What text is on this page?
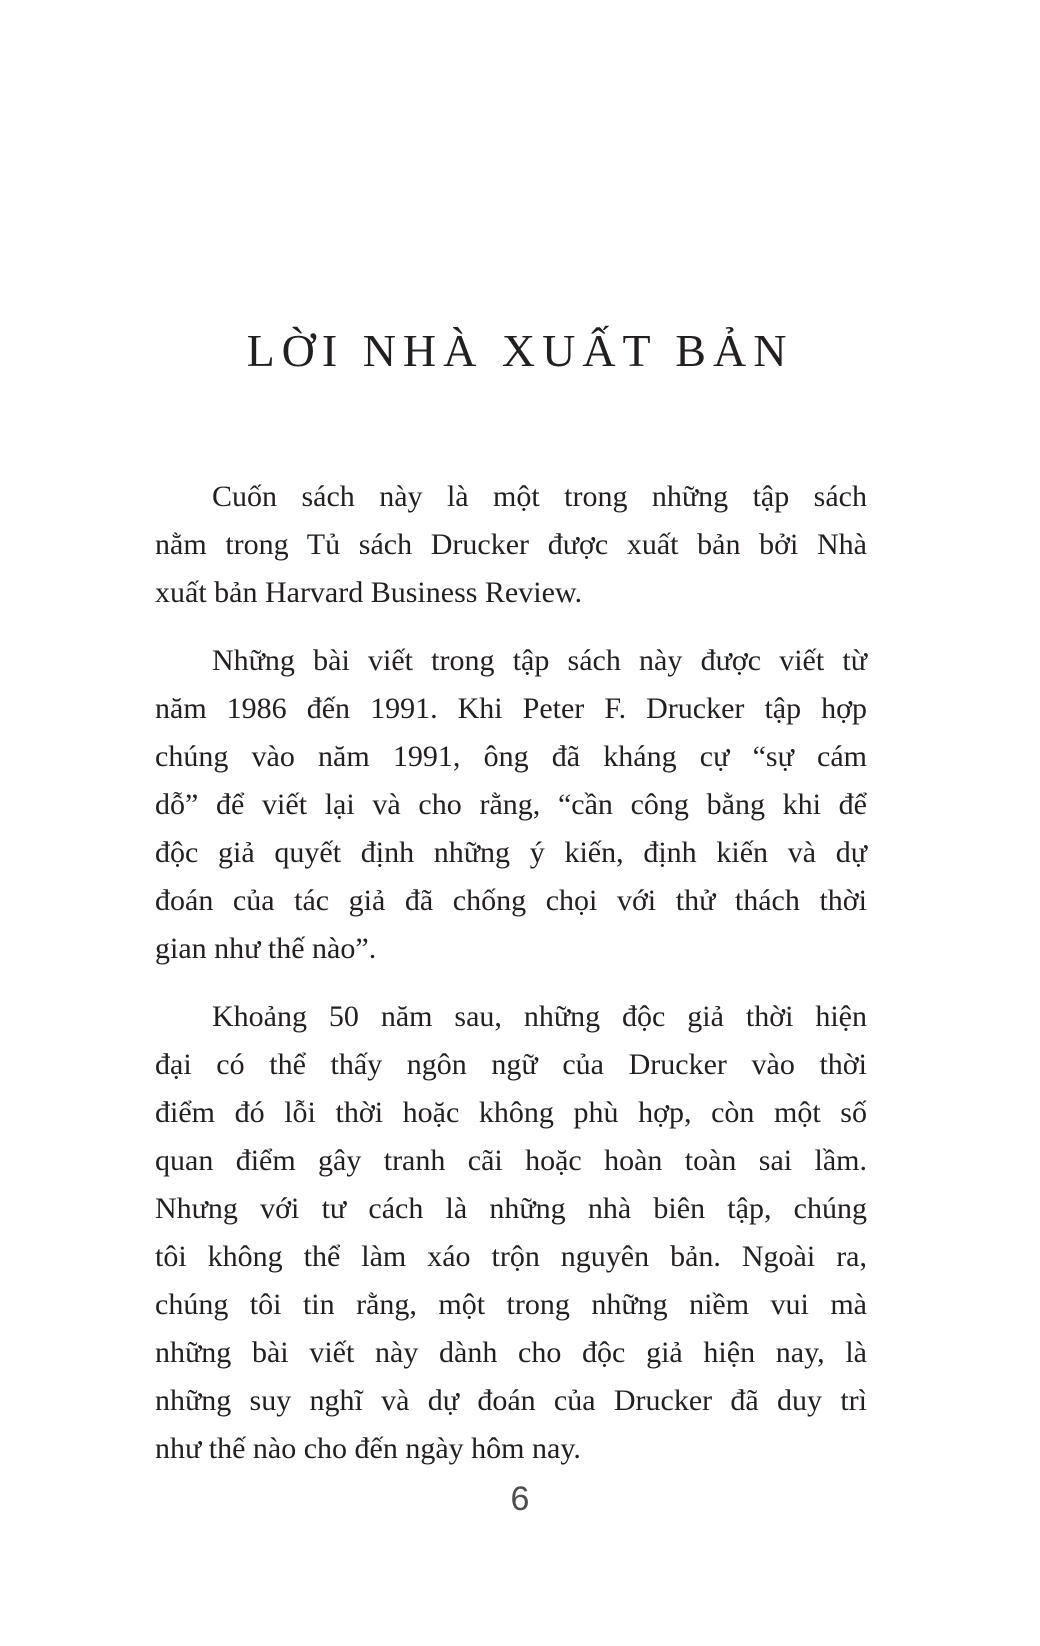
LỜI NHÀ XUẤT BẢN

Cuốn sách này là một trong những tập sách
nằm trong Tủ sách Drucker được xuất bản bởi Nhà
xuất bản Harvard Business Review.

Những bài viết trong tập sách này được viết từ
năm 1986 đến 1991. Khi Peter F. Drucker tập hợp
chúng vào năm 1991, ông đã kháng cự “sự cám
dỗ” để viết lại và cho rằng, “cần công bằng khi để
độc giả quyết định những ý kiến, định kiến và dự
đoán của tác giả đã chống chọi với thử thách thời
gian như thế nào”.

Khoảng 50 năm sau, những độc giả thời hiện
đại có thể thấy ngôn ngữ của Drucker vào thời
điểm đó lỗi thời hoặc không phù hợp, còn một số
quan điểm gây tranh cãi hoặc hoàn toàn sai lầm.
Nhưng với tư cách là những nhà biên tập, chúng
tôi không thể làm xáo trộn nguyên bản. Ngoài ra,
chúng tôi tin rằng, một trong những niềm vui mà
những bài viết này dành cho độc giả hiện nay, là
những suy nghĩ và dự đoán của Drucker đã duy trì
như thế nào cho đến ngày hôm nay.

6
